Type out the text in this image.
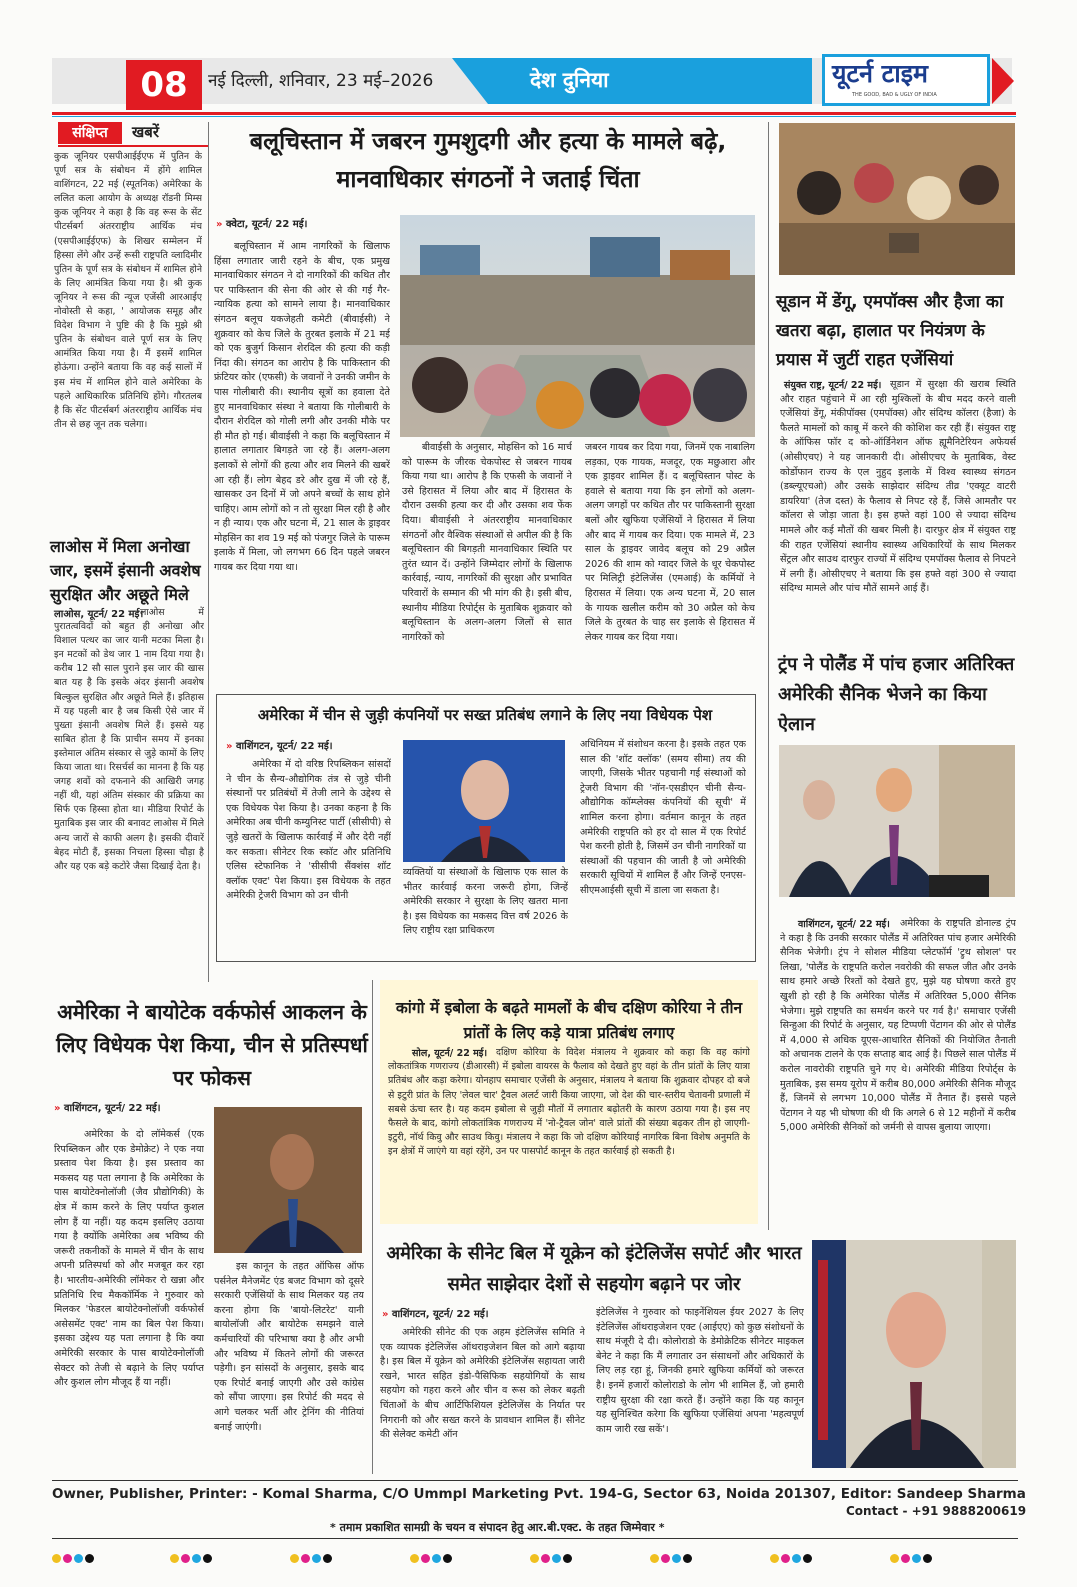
08	नई दिल्ली, शनिवार, 23 मई–2026	देश दुनिया	यूटर्न टाइम
THE GOOD, BAD & UGLY OF INDIA
संक्षिप्त	खबरें
कुक जूनियर एसपीआईईएफ में पुतिन के पूर्ण सत्र के संबोधन में होंगे शामिल वाशिंगटन, 22 मई (स्पूतनिक) अमेरिका के ललित कला आयोग के अध्यक्ष रॉडनी मिम्स कुक जूनियर ने कहा है कि वह रूस के सेंट पीटर्सबर्ग अंतरराष्ट्रीय आर्थिक मंच (एसपीआईईएफ) के शिखर सम्मेलन में हिस्सा लेंगे और उन्हें रूसी राष्ट्रपति व्लादिमीर पुतिन के पूर्ण सत्र के संबोधन में शामिल होने के लिए आमंत्रित किया गया है। श्री कुक जूनियर ने रूस की न्यूज एजेंसी आरआईए नोवोस्ती से कहा, ' आयोजक समूह और विदेश विभाग ने पुष्टि की है कि मुझे श्री पुतिन के संबोधन वाले पूर्ण सत्र के लिए आमंत्रित किया गया है। मैं इसमें शामिल होऊंगा। उन्होंने बताया कि वह कई सालों में इस मंच में शामिल होने वाले अमेरिका के पहले आधिकारिक प्रतिनिधि होंगे। गौरतलब है कि सेंट पीटर्सबर्ग अंतरराष्ट्रीय आर्थिक मंच तीन से छह जून तक चलेगा।
लाओस में मिला अनोखा जार, इसमें इंसानी अवशेष सुरक्षित और अछूते मिले
लाओस, यूटर्न/ 22 मई।
लाओस में पुरातत्वविदों को बहुत ही अनोखा और विशाल पत्थर का जार यानी मटका मिला है। इन मटकों को डेथ जार 1 नाम दिया गया है। करीब 12 सौ साल पुराने इस जार की खास बात यह है कि इसके अंदर इंसानी अवशेष बिल्कुल सुरक्षित और अछूते मिले हैं। इतिहास में यह पहली बार है जब किसी ऐसे जार में पुख्ता इंसानी अवशेष मिले हैं। इससे यह साबित होता है कि प्राचीन समय में इनका इस्तेमाल अंतिम संस्कार से जुड़े कामों के लिए किया जाता था। रिसर्चर्स का मानना है कि यह जगह शवों को दफनाने की आखिरी जगह नहीं थी, यहां अंतिम संस्कार की प्रक्रिया का सिर्फ एक हिस्सा होता था। मीडिया रिपोर्ट के मुताबिक इस जार की बनावट लाओस में मिले अन्य जारों से काफी अलग है। इसकी दीवारें बेहद मोटी हैं, इसका निचला हिस्सा चौड़ा है और यह एक बड़े कटोरे जैसा दिखाई देता है।
बलूचिस्तान में जबरन गुमशुदगी और हत्या के मामले बढ़े, मानवाधिकार संगठनों ने जताई चिंता
» क्वेटा, यूटर्न/ 22 मई।
बलूचिस्तान में आम नागरिकों के खिलाफ हिंसा लगातार जारी रहने के बीच, एक प्रमुख मानवाधिकार संगठन ने दो नागरिकों की कथित तौर पर पाकिस्तान की सेना की ओर से की गई गैर-न्यायिक हत्या को सामने लाया है। मानवाधिकार संगठन बलूच यकजेहती कमेटी (बीवाईसी) ने शुक्रवार को केच जिले के तुरबत इलाके में 21 मई को एक बुजुर्ग किसान शेरदिल की हत्या की कड़ी निंदा की। संगठन का आरोप है कि पाकिस्तान की फ्रंटियर कोर (एफसी) के जवानों ने उनकी जमीन के पास गोलीबारी की। स्थानीय सूत्रों का हवाला देते हुए मानवाधिकार संस्था ने बताया कि गोलीबारी के दौरान शेरदिल को गोली लगी और उनकी मौके पर ही मौत हो गई। बीवाईसी ने कहा कि बलूचिस्तान में हालात लगातार बिगड़ते जा रहे हैं। अलग-अलग इलाकों से लोगों की हत्या और शव मिलने की खबरें आ रही हैं। लोग बेहद डरे और दुख में जी रहे हैं, खासकर उन दिनों में जो अपने बच्चों के साथ होने चाहिए। आम लोगों को न तो सुरक्षा मिल रही है और न ही न्याय। एक और घटना में, 21 साल के ड्राइवर मोहसिन का शव 19 मई को पंजगुर जिले के पारूम इलाके में मिला, जो लगभग 66 दिन पहले जबरन गायब कर दिया गया था।
बीवाईसी के अनुसार, मोहसिन को 16 मार्च को पारूम के जीरक चेकपोस्ट से जबरन गायब किया गया था। आरोप है कि एफसी के जवानों ने उसे हिरासत में लिया और बाद में हिरासत के दौरान उसकी हत्या कर दी और उसका शव फेंक दिया। बीवाईसी ने अंतरराष्ट्रीय मानवाधिकार संगठनों और वैश्विक संस्थाओं से अपील की है कि बलूचिस्तान की बिगड़ती मानवाधिकार स्थिति पर तुरंत ध्यान दें। उन्होंने जिम्मेदार लोगों के खिलाफ कार्रवाई, न्याय, नागरिकों की सुरक्षा और प्रभावित परिवारों के सम्मान की भी मांग की है। इसी बीच, स्थानीय मीडिया रिपोर्ट्स के मुताबिक शुक्रवार को बलूचिस्तान के अलग-अलग जिलों से सात नागरिकों को
जबरन गायब कर दिया गया, जिनमें एक नाबालिग लड़का, एक गायक, मजदूर, एक मछुआरा और एक ड्राइवर शामिल हैं। द बलूचिस्तान पोस्ट के हवाले से बताया गया कि इन लोगों को अलग-अलग जगहों पर कथित तौर पर पाकिस्तानी सुरक्षा बलों और खुफिया एजेंसियों ने हिरासत में लिया और बाद में गायब कर दिया। एक मामले में, 23 साल के ड्राइवर जावेद बलूच को 29 अप्रैल 2026 की शाम को ग्वादर जिले के धूर चेकपोस्ट पर मिलिट्री इंटेलिजेंस (एमआई) के कर्मियों ने हिरासत में लिया। एक अन्य घटना में, 20 साल के गायक खलील करीम को 30 अप्रैल को केच जिले के तुरबत के चाह सर इलाके से हिरासत में लेकर गायब कर दिया गया।
अमेरिका में चीन से जुड़ी कंपनियों पर सख्त प्रतिबंध लगाने के लिए नया विधेयक पेश
» वाशिंगटन, यूटर्न/ 22 मई।
अमेरिका में दो वरिष्ठ रिपब्लिकन सांसदों ने चीन के सैन्य-औद्योगिक तंत्र से जुड़े चीनी संस्थानों पर प्रतिबंधों में तेजी लाने के उद्देश्य से एक विधेयक पेश किया है। उनका कहना है कि अमेरिका अब चीनी कम्युनिस्ट पार्टी (सीसीपी) से जुड़े खतरों के खिलाफ कार्रवाई में और देरी नहीं कर सकता। सीनेटर रिक स्कॉट और प्रतिनिधि एलिस स्टेफानिक ने 'सीसीपी सैंक्शंस शॉट क्लॉक एक्ट' पेश किया। इस विधेयक के तहत अमेरिकी ट्रेजरी विभाग को उन चीनी
व्यक्तियों या संस्थाओं के खिलाफ एक साल के भीतर कार्रवाई करना जरूरी होगा, जिन्हें अमेरिकी सरकार ने सुरक्षा के लिए खतरा माना है। इस विधेयक का मकसद वित्त वर्ष 2026 के लिए राष्ट्रीय रक्षा प्राधिकरण
अधिनियम में संशोधन करना है। इसके तहत एक साल की 'शॉट क्लॉक' (समय सीमा) तय की जाएगी, जिसके भीतर पहचानी गई संस्थाओं को ट्रेजरी विभाग की 'नॉन-एसडीएन चीनी सैन्य-औद्योगिक कॉम्प्लेक्स कंपनियों की सूची' में शामिल करना होगा। वर्तमान कानून के तहत अमेरिकी राष्ट्रपति को हर दो साल में एक रिपोर्ट पेश करनी होती है, जिसमें उन चीनी नागरिकों या संस्थाओं की पहचान की जाती है जो अमेरिकी सरकारी सूचियों में शामिल हैं और जिन्हें एनएस-सीएमआईसी सूची में डाला जा सकता है।
सूडान में डेंगू, एमपॉक्स और हैजा का खतरा बढ़ा, हालात पर नियंत्रण के प्रयास में जुटीं राहत एजेंसियां
संयुक्त राष्ट्र, यूटर्न/ 22 मई। सूडान में सुरक्षा की खराब स्थिति और राहत पहुंचाने में आ रही मुश्किलों के बीच मदद करने वाली एजेंसियां डेंगू, मंकीपॉक्स (एमपॉक्स) और संदिग्ध कॉलरा (हैजा) के फैलते मामलों को काबू में करने की कोशिश कर रही हैं। संयुक्त राष्ट्र के ऑफिस फॉर द को-ऑर्डिनेशन ऑफ ह्यूमैनिटेरियन अफेयर्स (ओसीएचए) ने यह जानकारी दी। ओसीएचए के मुताबिक, वेस्ट कोर्डोफान राज्य के एल नुहुद इलाके में विश्व स्वास्थ्य संगठन (डब्ल्यूएचओ) और उसके साझेदार संदिग्ध तीव्र 'एक्यूट वाटरी डायरिया' (तेज दस्त) के फैलाव से निपट रहे हैं, जिसे आमतौर पर कॉलरा से जोड़ा जाता है। इस हफ्ते वहां 100 से ज्यादा संदिग्ध मामले और कई मौतों की खबर मिली है। दारफुर क्षेत्र में संयुक्त राष्ट्र की राहत एजेंसियां स्थानीय स्वास्थ्य अधिकारियों के साथ मिलकर सेंट्रल और साउथ दारफुर राज्यों में संदिग्ध एमपॉक्स फैलाव से निपटने में लगी हैं। ओसीएचए ने बताया कि इस हफ्ते वहां 300 से ज्यादा संदिग्ध मामले और पांच मौतें सामने आई हैं।
ट्रंप ने पोलैंड में पांच हजार अतिरिक्त अमेरिकी सैनिक भेजने का किया ऐलान
वाशिंगटन, यूटर्न/ 22 मई।	अमेरिका के राष्ट्रपति डोनाल्ड ट्रंप ने कहा है कि उनकी सरकार पोलैंड में अतिरिक्त पांच हजार अमेरिकी सैनिक भेजेगी। ट्रंप ने सोशल मीडिया प्लेटफॉर्म 'ट्रुथ सोशल' पर लिखा, 'पोलैंड के राष्ट्रपति करोल नवरोकी की सफल जीत और उनके साथ हमारे अच्छे रिश्तों को देखते हुए, मुझे यह घोषणा करते हुए खुशी हो रही है कि अमेरिका पोलैंड में अतिरिक्त 5,000 सैनिक भेजेगा। मुझे राष्ट्रपति का समर्थन करने पर गर्व है।' समाचार एजेंसी सिन्हुआ की रिपोर्ट के अनुसार, यह टिप्पणी पेंटागन की ओर से पोलैंड में 4,000 से अधिक यूएस-आधारित सैनिकों की नियोजित तैनाती को अचानक टालने के एक सप्ताह बाद आई है। पिछले साल पोलैंड में करोल नावरोकी राष्ट्रपति चुने गए थे। अमेरिकी मीडिया रिपोर्ट्स के मुताबिक, इस समय यूरोप में करीब 80,000 अमेरिकी सैनिक मौजूद हैं, जिनमें से लगभग 10,000 पोलैंड में तैनात हैं। इससे पहले पेंटागन ने यह भी घोषणा की थी कि अगले 6 से 12 महीनों में करीब 5,000 अमेरिकी सैनिकों को जर्मनी से वापस बुलाया जाएगा।
अमेरिका ने बायोटेक वर्कफोर्स आकलन के लिए विधेयक पेश किया, चीन से प्रतिस्पर्धा पर फोकस
» वाशिंगटन, यूटर्न/ 22 मई।
अमेरिका के दो लॉमेकर्स (एक रिपब्लिकन और एक डेमोक्रेट) ने एक नया प्रस्ताव पेश किया है। इस प्रस्ताव का मकसद यह पता लगाना है कि अमेरिका के पास बायोटेक्नोलॉजी (जैव प्रौद्योगिकी) के क्षेत्र में काम करने के लिए पर्याप्त कुशल लोग हैं या नहीं। यह कदम इसलिए उठाया गया है क्योंकि अमेरिका अब भविष्य की जरूरी तकनीकों के मामले में चीन के साथ अपनी प्रतिस्पर्धा को और मजबूत कर रहा है। भारतीय-अमेरिकी लॉमेकर रो खन्ना और प्रतिनिधि रिच मैककॉर्मिक ने गुरुवार को मिलकर 'फेडरल बायोटेक्नोलॉजी वर्कफोर्स असेसमेंट एक्ट' नाम का बिल पेश किया। इसका उद्देश्य यह पता लगाना है कि क्या अमेरिकी सरकार के पास बायोटेक्नोलॉजी सेक्टर को तेजी से बढ़ाने के लिए पर्याप्त और कुशल लोग मौजूद हैं या नहीं।
इस कानून के तहत ऑफिस ऑफ पर्सनेल मैनेजमेंट एंड बजट विभाग को दूसरे सरकारी एजेंसियों के साथ मिलकर यह तय करना होगा कि 'बायो-लिटरेट' यानी बायोलॉजी और बायोटेक समझने वाले कर्मचारियों की परिभाषा क्या है और अभी और भविष्य में कितने लोगों की जरूरत पड़ेगी। इन सांसदों के अनुसार, इसके बाद एक रिपोर्ट बनाई जाएगी और उसे कांग्रेस को सौंपा जाएगा। इस रिपोर्ट की मदद से आगे चलकर भर्ती और ट्रेनिंग की नीतियां बनाई जाएंगी।
कांगो में इबोला के बढ़ते मामलों के बीच दक्षिण कोरिया ने तीन प्रांतों के लिए कड़े यात्रा प्रतिबंध लगाए
सोल, यूटर्न/ 22 मई। दक्षिण कोरिया के विदेश मंत्रालय ने शुक्रवार को कहा कि वह कांगो लोकतांत्रिक गणराज्य (डीआरसी) में इबोला वायरस के फैलाव को देखते हुए वहां के तीन प्रांतों के लिए यात्रा प्रतिबंध और कड़ा करेगा। योनहाप समाचार एजेंसी के अनुसार, मंत्रालय ने बताया कि शुक्रवार दोपहर दो बजे से इटुरी प्रांत के लिए 'लेवल चार' ट्रैवल अलर्ट जारी किया जाएगा, जो देश की चार-स्तरीय चेतावनी प्रणाली में सबसे ऊंचा स्तर है। यह कदम इबोला से जुड़ी मौतों में लगातार बढ़ोतरी के कारण उठाया गया है। इस नए फैसले के बाद, कांगो लोकतांत्रिक गणराज्य में 'नो-ट्रैवल जोन' वाले प्रांतों की संख्या बढ़कर तीन हो जाएगी- इटुरी, नॉर्थ किवु और साउथ किवु। मंत्रालय ने कहा कि जो दक्षिण कोरियाई नागरिक बिना विशेष अनुमति के इन क्षेत्रों में जाएंगे या वहां रहेंगे, उन पर पासपोर्ट कानून के तहत कार्रवाई हो सकती है।
अमेरिका के सीनेट बिल में यूक्रेन को इंटेलिजेंस सपोर्ट और भारत समेत साझेदार देशों से सहयोग बढ़ाने पर जोर
» वाशिंगटन, यूटर्न/ 22 मई।
अमेरिकी सीनेट की एक अहम इंटेलिजेंस समिति ने एक व्यापक इंटेलिजेंस ऑथराइजेशन बिल को आगे बढ़ाया है। इस बिल में यूक्रेन को अमेरिकी इंटेलिजेंस सहायता जारी रखने, भारत सहित इंडो-पैसिफिक सहयोगियों के साथ सहयोग को गहरा करने और चीन व रूस को लेकर बढ़ती चिंताओं के बीच आर्टिफिशियल इंटेलिजेंस के निर्यात पर निगरानी को और सख्त करने के प्रावधान शामिल हैं। सीनेट की सेलेक्ट कमेटी ऑन
इंटेलिजेंस ने गुरुवार को फाइनेंशियल ईयर 2027 के लिए इंटेलिजेंस ऑथराइजेशन एक्ट (आईएए) को कुछ संशोधनों के साथ मंजूरी दे दी। कोलोराडो के डेमोक्रेटिक सीनेटर माइकल बेनेट ने कहा कि मैं लगातार उन संसाधनों और अधिकारों के लिए लड़ रहा हूं, जिनकी हमारे खुफिया कर्मियों को जरूरत है। इनमें हजारों कोलोराडो के लोग भी शामिल हैं, जो हमारी राष्ट्रीय सुरक्षा की रक्षा करते हैं। उन्होंने कहा कि यह कानून यह सुनिश्चित करेगा कि खुफिया एजेंसियां अपना 'महत्वपूर्ण काम जारी रख सकें'।
Owner, Publisher, Printer: - Komal Sharma, C/O Ummpl Marketing Pvt. 194-G, Sector 63, Noida 201307, Editor: Sandeep Sharma
Contact - +91 9888200619
* तमाम प्रकाशित सामग्री के चयन व संपादन हेतु आर.बी.एक्ट. के तहत जिम्मेवार *
